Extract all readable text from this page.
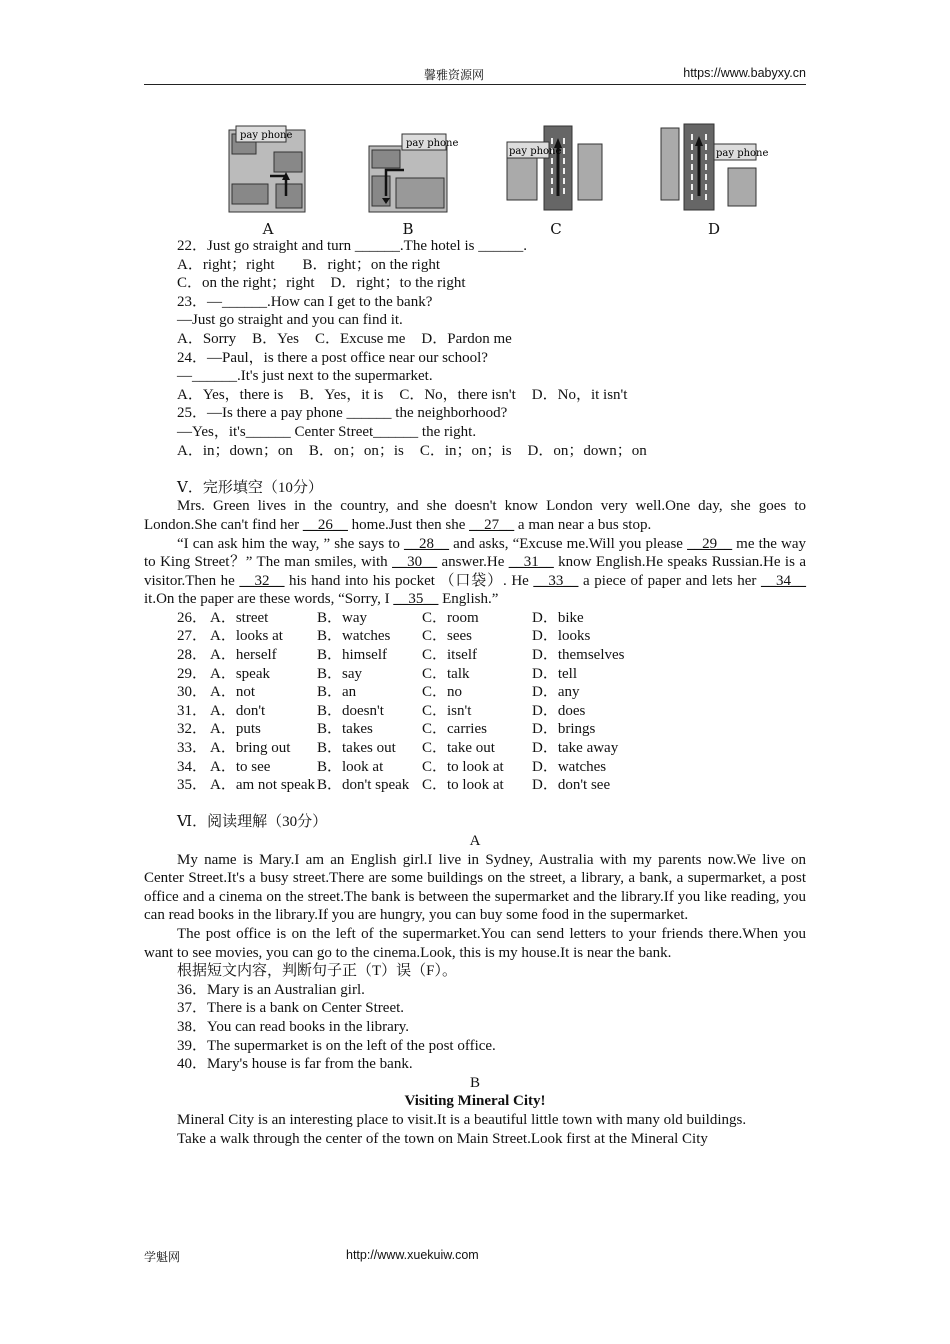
馨雅资源网	https://www.babyxy.cn
pay phone
pay phone
pay phone	pay phone
A	B	C	D

22．Just go straight and turn ______.The hotel is ______.

A．right；right B．right；on the right

C．on the right；right D．right；to the right

23．—______.How can I get to the bank?

—Just go straight and you can find it.

A．Sorry B．Yes C．Excuse me D．Pardon me

24．—Paul，is there a post office near our school?

—______.It's just next to the supermarket.

A．Yes，there is B．Yes，it is C．No，there isn't D．No，it isn't

25．—Is there a pay phone ______ the neighborhood?

—Yes，it's______ Center Street______ the right.

A．in；down；on B．on；on；is C．in；on；is D．on；down；on

Ⅴ．完形填空（10分）

Mrs. Green lives in the country, and she doesn't know London very well.One day, she goes to London.She can't find her __26__ home.Just then she __27__ a man near a bus stop.

“I can ask him the way, ” she says to __28__ and asks, “Excuse me.Will you please __29__ me the way to King Street？” The man smiles, with __30__ answer.He __31__ know English.He speaks Russian.He is a visitor.Then he __32__ his hand into his pocket （口袋）. He __33__ a piece of paper and lets her __34__ it.On the paper are these words, “Sorry, I __35__ English.”

26． A．street	B．way	C．room	D．bike

27． A．looks at B．watches C．sees	D．looks

28． A．herself	B．himself C．itself	D．themselves

29． A．speak	B．say	C．talk	D．tell

30． A．not	B．an	C．no	D．any

31． A．don't	B．doesn't	C．isn't	D．does

32． A．puts	B．takes	C．carries	D．brings

33． A．bring out B．takes out C．take out D．take away

34． A．to see	B．look at	C．to look at D．watches

35． A．am not speak B．don't speak C．to look at D．don't see

Ⅵ．阅读理解（30分）

A

My name is Mary.I am an English girl.I live in Sydney, Australia with my parents now.We live on Center Street.It's a busy street.There are some buildings on the street, a library, a bank, a supermarket, a post office and a cinema on the street.The bank is between the supermarket and the library.If you like reading, you can read books in the library.If you are hungry, you can buy some food in the supermarket.

The post office is on the left of the supermarket.You can send letters to your friends there.When you want to see movies, you can go to the cinema.Look, this is my house.It is near the bank.

根据短文内容，判断句子正（T）误（F）。

36．Mary is an Australian girl.

37．There is a bank on Center Street.

38．You can read books in the library.

39．The supermarket is on the left of the post office.

40．Mary's house is far from the bank.

B

Visiting Mineral City!

Mineral City is an interesting place to visit.It is a beautiful little town with many old buildings.

Take a walk through the center of the town on Main Street.Look first at the Mineral City

学魁网	http://www.xuekuiw.com
